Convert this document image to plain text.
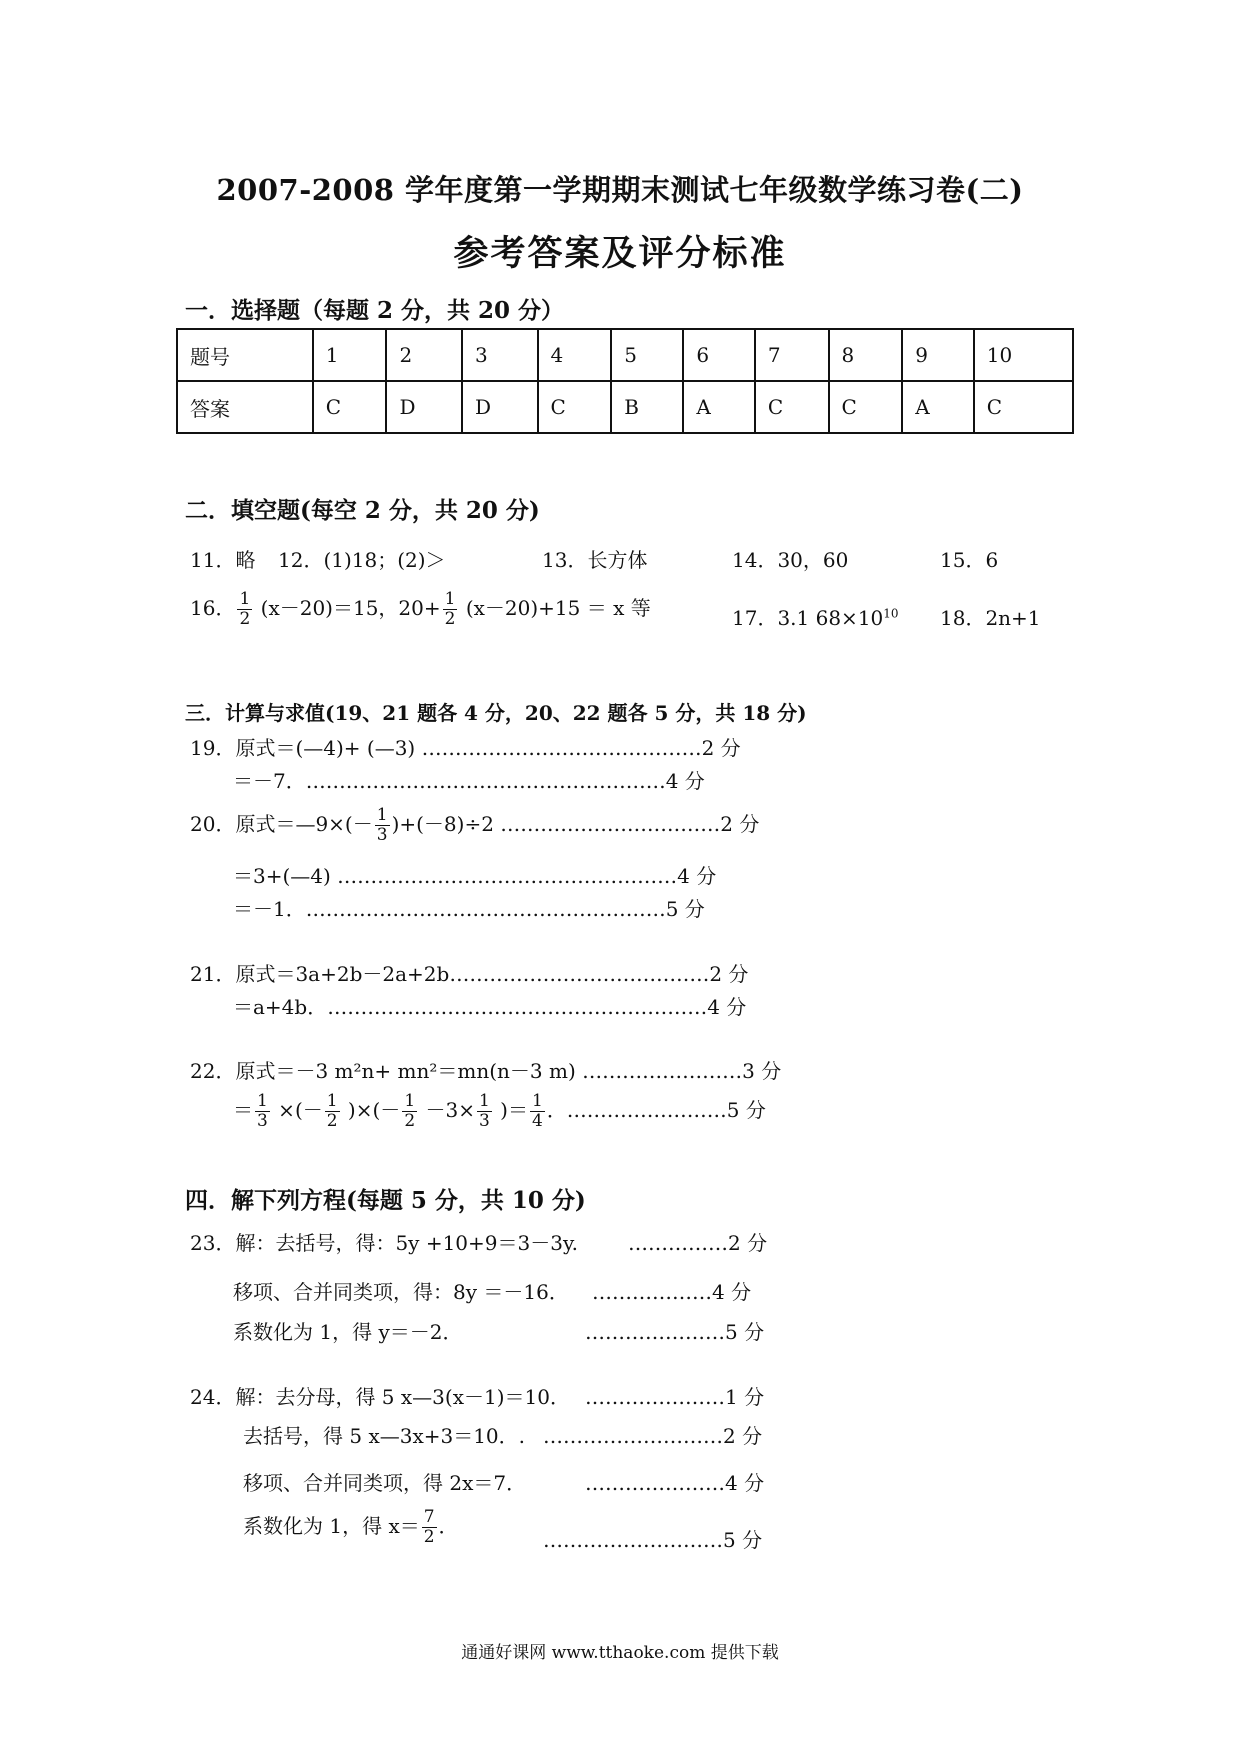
2007-2008 学年度第一学期期末测试七年级数学练习卷(二)
参考答案及评分标准
一．选择题（每题 2 分，共 20 分）
题号	1	2	3	4	5	6	7	8	9	10
答案	C	D	D	C	B	A	C	C	A	C
二．填空题(每空 2 分，共 20 分)
11．略 12．(1)18；(2)＞	13．长方体	14．30，60	15．6
16． $\frac{1}{2} (x-20)=15$，$20+ \frac{1}{2} (x-20)+15 = x$ 等	17．3.1 $68\times 10^{10}$ 18．2n+1
三．计算与求值(19、21 题各 4 分，20、22 题各 5 分，共 18 分)
19．原式＝(—4)+ (—3) ……………………………………2 分
＝－7．………………………………………………4 分
20．原式＝—9×(－ $\frac{1}{3} )+(-8)\div 2$ ……………………………2 分
＝3+(—4) ……………………………………………4 分
＝－1．………………………………………………5 分
21．原式＝3a+2b－2a+2b…………………………………2 分
＝a+4b．…………………………………………………4 分
22．原式＝－3 m²n+ mn²＝mn(n－3 m) ……………………3 分
＝ $\frac{1}{3}$ ×(－ $\frac{1}{2}$ )×(－ $\frac{1}{2} -3\times \frac{1}{3}$ )＝ $\frac{1}{4}$ ．……………………5 分
四．解下列方程(每题 5 分，共 10 分)
23．解：去括号，得：5y +10+9＝3－3y.	……………2 分
移项、合并同类项，得：8y ＝－16． ………………4 分
系数化为 1，得 y＝－2．	…………………5 分
24．解：去分母，得 5 x—3(x－1)＝10． …………………1 分
去括号，得 5 x—3x+3＝10．. ………………………2 分
移项、合并同类项，得 2x＝7．	…………………4 分
系数化为 1，得 $x= \frac{7}{2}$ ．
………………………5 分
通通好课网 www.tthaoke.com 提供下载
